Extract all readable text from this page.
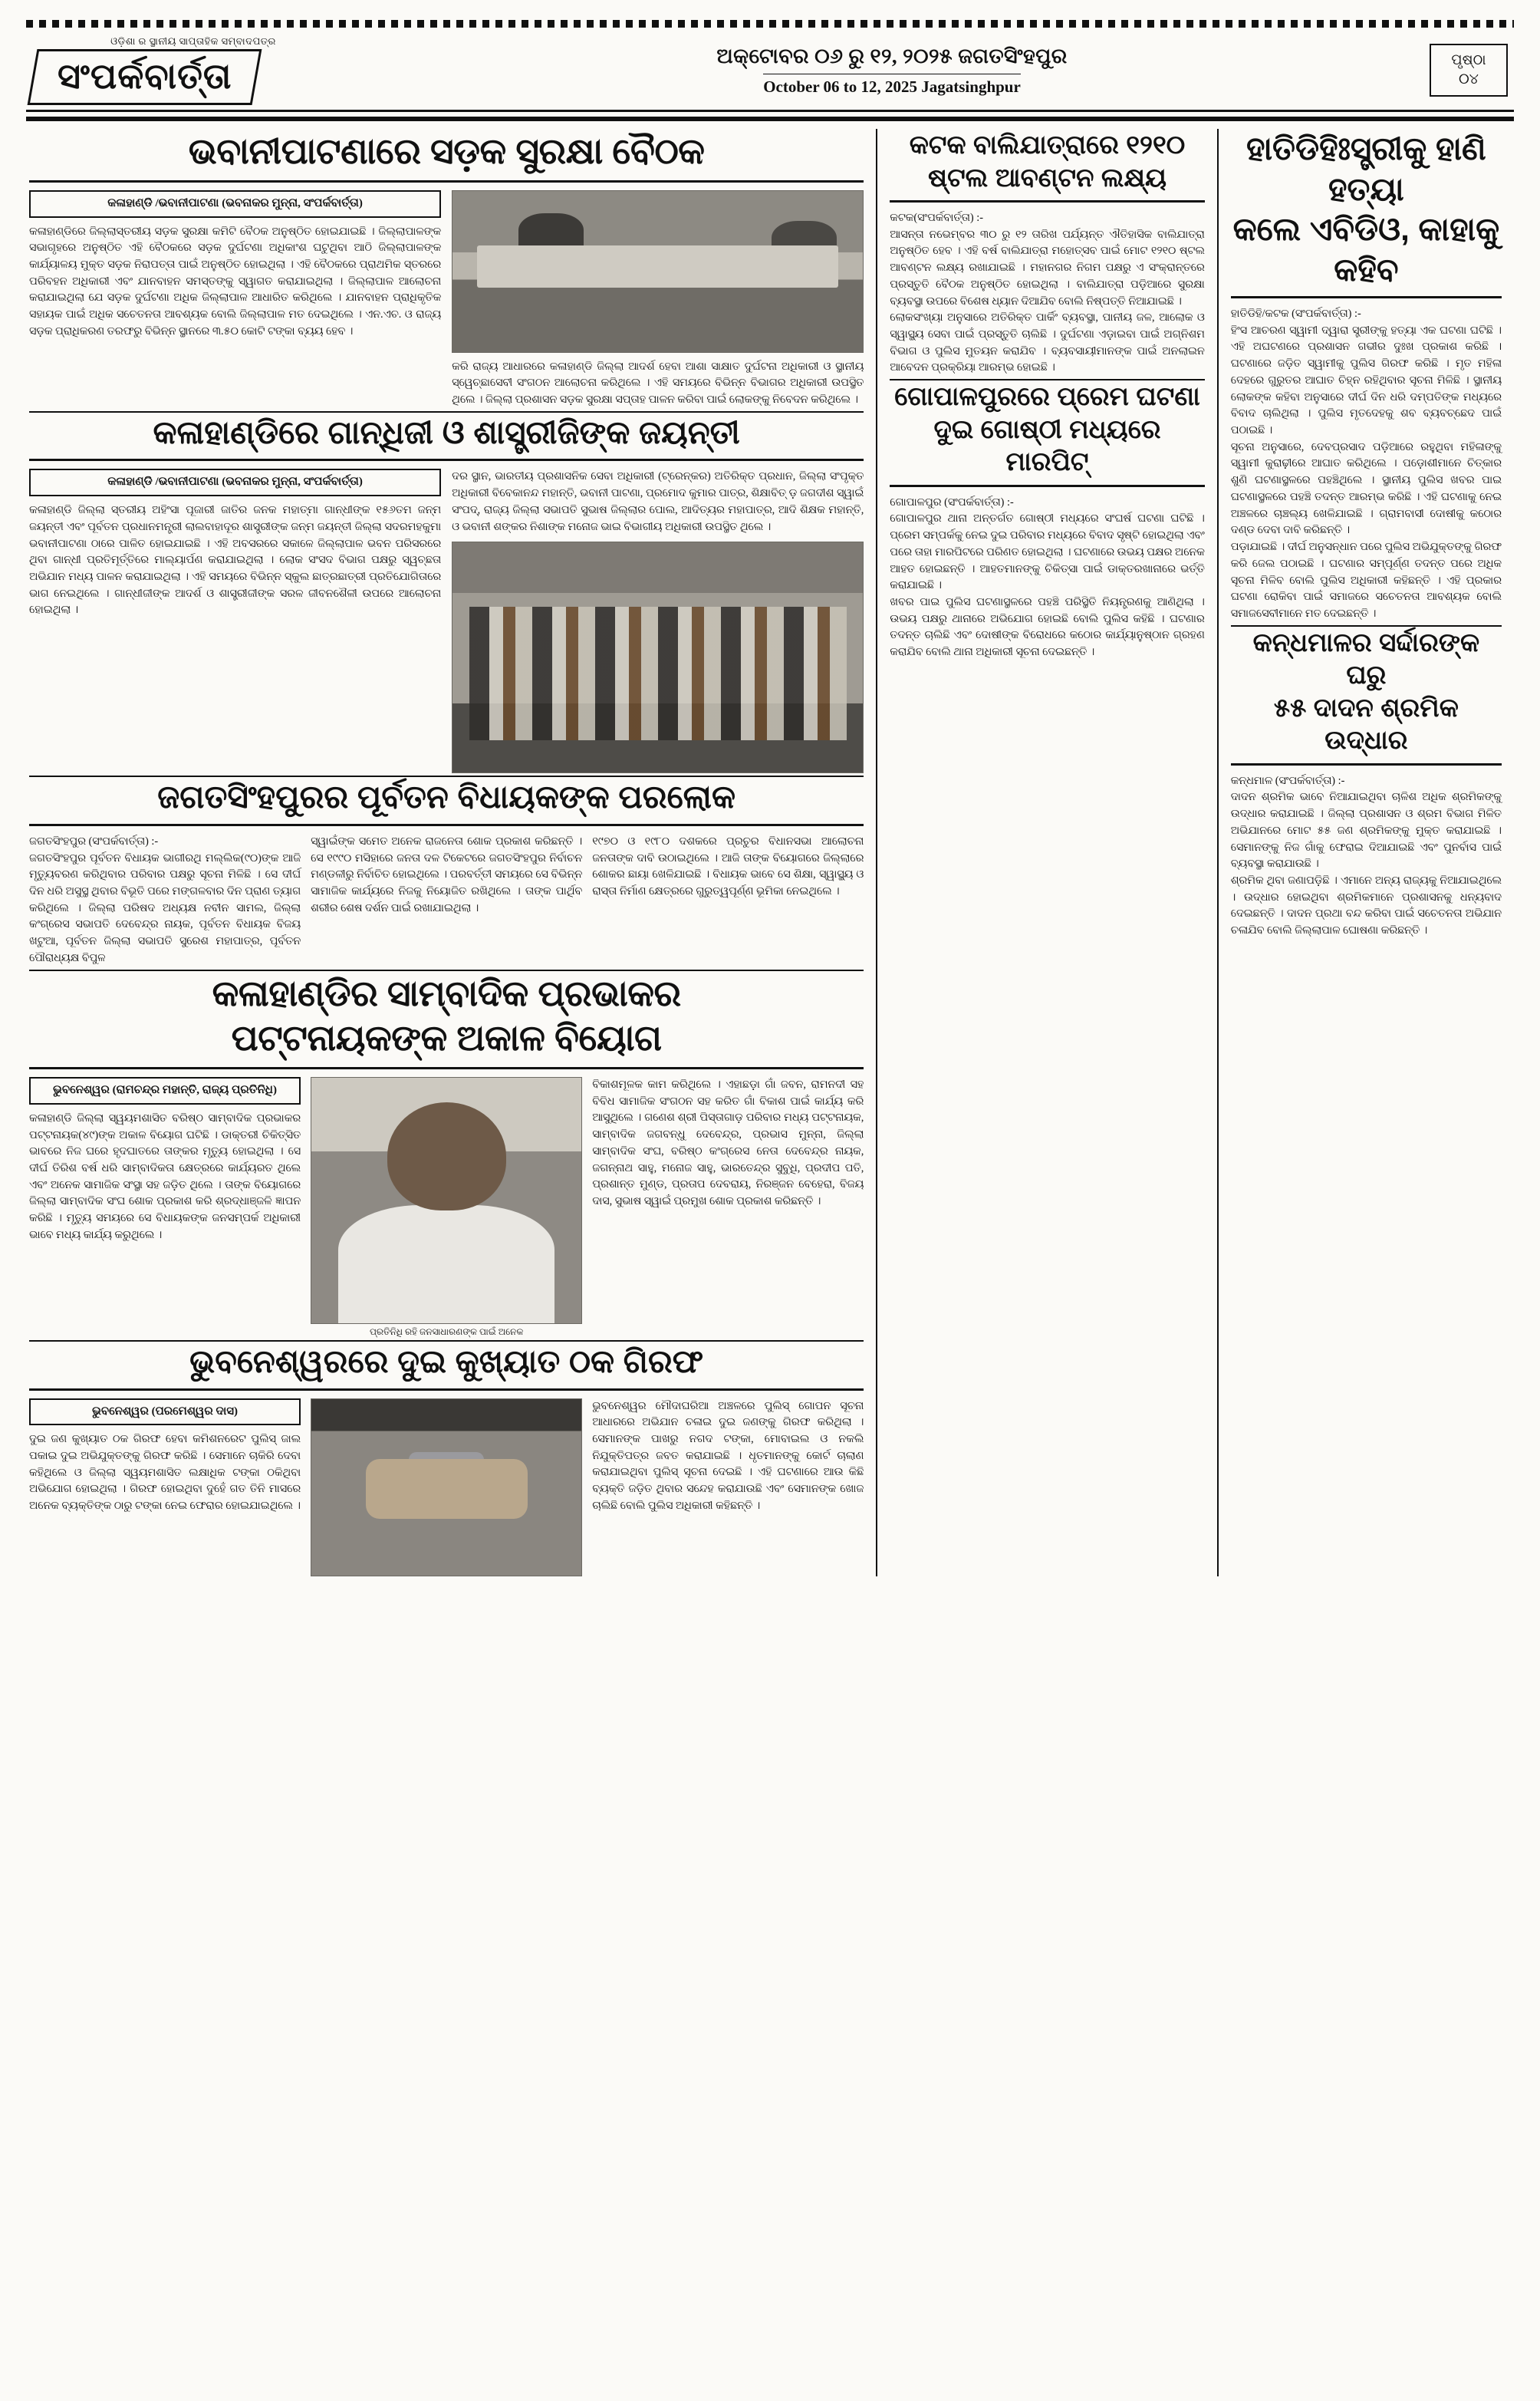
ଓଡ଼ିଶା ର ସ୍ଥାନୀୟ ସାପ୍ତାହିକ ସମ୍ବାଦପତ୍ର
ସଂପର୍କବାର୍ତ୍ତା
ଅକ୍ଟୋବର ୦୬ ରୁ ୧୨, ୨୦୨୫ ଜଗତସିଂହପୁର
October 06 to 12, 2025 Jagatsinghpur
ପୃଷ୍ଠା
୦୪
ଭବାନୀପାଟଣାରେ ସଡ଼କ ସୁରକ୍ଷା ବୈଠକ
କଳାହାଣ୍ଡି /ଭବାନୀପାଟଣା (ଭବନାକର ମୁନ୍ନା, ସଂପର୍କବାର୍ତ୍ତା)
କଳାହାଣ୍ଡିରେ ଜିଲ୍ଲାସ୍ତରୀୟ ସଡ଼କ ସୁରକ୍ଷା କମିଟି ବୈଠକ ଅନୁଷ୍ଠିତ ହୋଇଯାଇଛି । ଜିଲ୍ଲାପାଳଙ୍କ ସଭାଗୃହରେ ଅନୁଷ୍ଠିତ ଏହି ବୈଠକରେ ସଡ଼କ ଦୁର୍ଘଟଣା ଅଧିକାଂଶ ଘଟୁଥିବା ଆଠି ଜିଲ୍ଲାପାଳଙ୍କ କାର୍ଯ୍ୟାଳୟ ମୁକ୍ତ ସଡ଼କ ନିରାପତ୍ତା ପାଇଁ ଅନୁଷ୍ଠିତ ହୋଇଥିଲା । ଏହି ବୈଠକରେ ପ୍ରାଥମିକ ସ୍ତରରେ ପରିବହନ ଅଧିକାରୀ ଏବଂ ଯାନବାହନ ସମସ୍ତଙ୍କୁ ସ୍ୱାଗତ କରାଯାଇଥିଲା । ଜିଲ୍ଲାପାଳ ଆଲୋଚନା କରାଯାଇଥିଲା ଯେ ସଡ଼କ ଦୁର୍ଘଟଣା ଅଧିକ ଜିଲ୍ଲାପାଳ ଆଧାରିତ କରିଥିଲେ । ଯାନବାହନ ପ୍ରାଧିକୃତିକ ସହାୟକ ପାଇଁ ଅଧିକ ସଚେତନତା ଆବଶ୍ୟକ ବୋଲି ଜିଲ୍ଲାପାଳ ମତ ଦେଇଥିଲେ । ଏନ.ଏଚ. ଓ ରାଜ୍ୟ ସଡ଼କ ପ୍ରାଧିକରଣ ତରଫରୁ ବିଭିନ୍ନ ସ୍ଥାନରେ ୩.୫୦ କୋଟି ଟଙ୍କା ବ୍ୟୟ ହେବ ।
କରି ରାଜ୍ୟ ଆଧାରରେ କଳାହାଣ୍ଡି ଜିଲ୍ଲା ଆଦର୍ଶ ହେବା ଆଶା ସାକ୍ଷାତ ଦୁର୍ଘଟନା ଅଧିକାରୀ ଓ ସ୍ଥାନୀୟ ସ୍ୱେଚ୍ଛାସେବୀ ସଂଗଠନ ଆଲୋଚନା କରିଥିଲେ । ଏହି ସମୟରେ ବିଭିନ୍ନ ବିଭାଗର ଅଧିକାରୀ ଉପସ୍ଥିତ ଥିଲେ । ଜିଲ୍ଲା ପ୍ରଶାସନ ସଡ଼କ ସୁରକ୍ଷା ସପ୍ତାହ ପାଳନ କରିବା ପାଇଁ ଲୋକଙ୍କୁ ନିବେଦନ କରିଥିଲେ ।
କଳାହାଣ୍ଡିରେ ଗାନ୍ଧିଜୀ ଓ ଶାସ୍ତ୍ରୀଜିଙ୍କ ଜୟନ୍ତୀ
କଳାହାଣ୍ଡି /ଭବାନୀପାଟଣା (ଭବନାକର ମୁନ୍ନା, ସଂପର୍କବାର୍ତ୍ତା)
କଳାହାଣ୍ଡି ଜିଲ୍ଲା ସ୍ତରୀୟ ଅହିଂସା ପୂଜାରୀ ଜାତିର ଜନକ ମହାତ୍ମା ଗାନ୍ଧୀଙ୍କ ୧୫୬ତମ ଜନ୍ମ ଜୟନ୍ତୀ ଏବଂ ପୂର୍ବତନ ପ୍ରଧାନମନ୍ତ୍ରୀ ଲାଲବାହାଦୂର ଶାସ୍ତ୍ରୀଙ୍କ ଜନ୍ମ ଜୟନ୍ତୀ ଜିଲ୍ଲା ସଦରମହକୁମା ଭବାନୀପାଟଣା ଠାରେ ପାଳିତ ହୋଇଯାଇଛି । ଏହି ଅବସରରେ ସକାଳେ ଜିଲ୍ଲାପାଳ ଭବନ ପରିସରରେ ଥିବା ଗାନ୍ଧୀ ପ୍ରତିମୂର୍ତ୍ତିରେ ମାଲ୍ୟାର୍ପଣ କରାଯାଇଥିଲା । ଲୋକ ସଂସଦ ବିଭାଗ ପକ୍ଷରୁ ସ୍ୱଚ୍ଛତା ଅଭିଯାନ ମଧ୍ୟ ପାଳନ କରାଯାଇଥିଲା । ଏହି ସମୟରେ ବିଭିନ୍ନ ସ୍କୁଲ ଛାତ୍ରଛାତ୍ରୀ ପ୍ରତିଯୋଗିତାରେ ଭାଗ ନେଇଥିଲେ । ଗାନ୍ଧୀଜୀଙ୍କ ଆଦର୍ଶ ଓ ଶାସ୍ତ୍ରୀଜୀଙ୍କ ସରଳ ଜୀବନଶୈଳୀ ଉପରେ ଆଲୋଚନା ହୋଇଥିଲା ।
ଦର ସ୍ଥାନ, ଭାରତୀୟ ପ୍ରଶାସନିକ ସେବା ଅଧିକାରୀ (ଟ୍ରେନ୍‌କର) ଅତିରିକ୍ତ ପ୍ରଧାନ, ଜିଲ୍ଲା ସଂପୃକ୍ତ ଅଧିକାରୀ ବିବେକାନନ୍ଦ ମହାନ୍ତି, ଭବାନୀ ପାଟଣା, ପ୍ରମୋଦ କୁମାର ପାତ୍ର, ଶିକ୍ଷାବିତ୍ ଡ଼ ଜଗଦୀଶ ସ୍ୱାଇଁ ସଂପଦ୍, ରାଜ୍ୟ ଜିଲ୍ଲା ସଭାପତି ସୁଭାଷ ଜିଲ୍ଲାର ପୋଲ, ଆଦିତ୍ୟର ମହାପାତ୍ର, ଆଦି ଶିକ୍ଷକ ମହାନ୍ତି, ଓ ଭବାନୀ ଶଙ୍କର ନିଶାଙ୍କ ମନୋଜ ଭାଇ ବିଭାଗୀୟ ଅଧିକାରୀ ଉପସ୍ଥିତ ଥିଲେ ।
ଜଗତସିଂହପୁରର ପୂର୍ବତନ ବିଧାୟକଙ୍କ ପରଲୋକ
ଜଗତସିଂହପୁର (ସଂପର୍କବାର୍ତ୍ତା) :-
ଜଗତସିଂହପୁର ପୂର୍ବତନ ବିଧାୟକ ଭାଗୀରଥି ମଲ୍ଲିକ(୯୦)ଙ୍କ ଆଜି ମୃତ୍ୟୁବରଣ କରିଥିବାର ପରିବାର ପକ୍ଷରୁ ସୂଚନା ମିଳିଛି । ସେ ଦୀର୍ଘ ଦିନ ଧରି ଅସୁସ୍ଥ ଥିବାର ବିଭୂତି ପରେ ମଙ୍ଗଳବାର ଦିନ ପ୍ରାଣ ତ୍ୟାଗ କରିଥିଲେ । ଜିଲ୍ଲା ପରିଷଦ ଅଧ୍ୟକ୍ଷ ନବୀନ ସାମଲ, ଜିଲ୍ଲା କଂଗ୍ରେସ ସଭାପତି ଦେବେନ୍ଦ୍ର ନାୟକ, ପୂର୍ବତନ ବିଧାୟକ ବିଜୟ ଖଟୁଆ, ପୂର୍ବତନ ଜିଲ୍ଲା ସଭାପତି ସୁରେଶ ମହାପାତ୍ର, ପୂର୍ବତନ ପୌରାଧ୍ୟକ୍ଷ ବିପୁଳ
ସ୍ୱାଇଁଙ୍କ ସମେତ ଅନେକ ରାଜନେତା ଶୋକ ପ୍ରକାଶ କରିଛନ୍ତି । ସେ ୧୯୯୦ ମସିହାରେ ଜନତା ଦଳ ଟିକେଟରେ ଜଗତସିଂହପୁର ନିର୍ବାଚନ ମଣ୍ଡଳୀରୁ ନିର୍ବାଚିତ ହୋଇଥିଲେ । ପରବର୍ତ୍ତୀ ସମୟରେ ସେ ବିଭିନ୍ନ ସାମାଜିକ କାର୍ଯ୍ୟରେ ନିଜକୁ ନିୟୋଜିତ ରଖିଥିଲେ । ତାଙ୍କ ପାର୍ଥିବ ଶରୀର ଶେଷ ଦର୍ଶନ ପାଇଁ ରଖାଯାଇଥିଲା ।
୧୯୭୦ ଓ ୧୯୮୦ ଦଶକରେ ପ୍ରଚୁର ବିଧାନସଭା ଆଲୋଚନା ଜନତାଙ୍କ ଦାବି ଉଠାଇଥିଲେ । ଆଜି ତାଙ୍କ ବିୟୋଗରେ ଜିଲ୍ଲାରେ ଶୋକର ଛାୟା ଖେଳିଯାଇଛି । ବିଧାୟକ ଭାବେ ସେ ଶିକ୍ଷା, ସ୍ୱାସ୍ଥ୍ୟ ଓ ରାସ୍ତା ନିର୍ମାଣ କ୍ଷେତ୍ରରେ ଗୁରୁତ୍ୱପୂର୍ଣ୍ଣ ଭୂମିକା ନେଇଥିଲେ ।
କଳାହାଣ୍ଡିର ସାମ୍ବାଦିକ ପ୍ରଭାକର
ପଟ୍ଟନାୟକଙ୍କ ଅକାଳ ବିୟୋଗ
ଭୁବନେଶ୍ୱର (ରାମଚନ୍ଦ୍ର ମହାନ୍ତି, ରାଜ୍ୟ ପ୍ରତିନିଧି)
କଳାହାଣ୍ଡି ଜିଲ୍ଲା ସ୍ୱୟମଶାସିତ ବରିଷ୍ଠ ସାମ୍ବାଦିକ ପ୍ରଭାକର ପଟ୍ଟନାୟକ(୪୯)ଙ୍କ ଅକାଳ ବିୟୋଗ ଘଟିଛି । ଡାକ୍ତରୀ ଚିକିତ୍ସିତ ଭାବରେ ନିଜ ଘରେ ହୃଦଘାତରେ ତାଙ୍କର ମୃତ୍ୟୁ ହୋଇଥିଲା । ସେ ଦୀର୍ଘ ତିରିଶ ବର୍ଷ ଧରି ସାମ୍ବାଦିକତା କ୍ଷେତ୍ରରେ କାର୍ଯ୍ୟରତ ଥିଲେ ଏବଂ ଅନେକ ସାମାଜିକ ସଂସ୍ଥା ସହ ଜଡ଼ିତ ଥିଲେ । ତାଙ୍କ ବିୟୋଗରେ ଜିଲ୍ଲା ସାମ୍ବାଦିକ ସଂଘ ଶୋକ ପ୍ରକାଶ କରି ଶ୍ରଦ୍ଧାଞ୍ଜଳି ଜ୍ଞାପନ କରିଛି । ମୃତ୍ୟୁ ସମୟରେ ସେ ବିଧାୟକଙ୍କ ଜନସମ୍ପର୍କ ଅଧିକାରୀ ଭାବେ ମଧ୍ୟ କାର୍ଯ୍ୟ କରୁଥିଲେ ।
ପ୍ରତିନିଧି ରହି ଜନସାଧାରଣଙ୍କ ପାଇଁ ଅନେକ
ବିକାଶମୂଳକ କାମ କରିଥିଲେ । ଏହାଛଡ଼ା ଗାଁ ଜବନ, ରାମନଦୀ ସହ ବିବିଧ ସାମାଜିକ ସଂଗଠନ ସହ କରିତ ଗାଁ ବିକାଶ ପାଇଁ କାର୍ଯ୍ୟ କରି ଆସୁଥିଲେ । ଗଣେଶ ଶ୍ରୀ ପିସ୍ତାଗାଡ଼ ପରିବାର ମଧ୍ୟ ପଟ୍ଟନାୟକ, ସାମ୍ବାଦିକ ଜଗବନ୍ଧୁ ଦେବେନ୍ଦ୍ର, ପ୍ରଭାସ ମୁନ୍ନା, ଜିଲ୍ଲା ସାମ୍ବାଦିକ ସଂଘ, ବରିଷ୍ଠ କଂଗ୍ରେସ ନେତା ଦେବେନ୍ଦ୍ର ନାୟକ, ଜଗନ୍ନାଥ ସାହୁ, ମନୋଜ ସାହୁ, ଭାରତେନ୍ଦ୍ର ସୁବୁଧି, ପ୍ରଦୀପ ପତି, ପ୍ରଶାନ୍ତ ମୁଣ୍ଡ, ପ୍ରତାପ ଦେବରାୟ, ନିରଞ୍ଜନ ବେହେରା, ବିଜୟ ଦାସ, ସୁଭାଷ ସ୍ୱାଇଁ ପ୍ରମୁଖ ଶୋକ ପ୍ରକାଶ କରିଛନ୍ତି ।
ଭୁବନେଶ୍ୱରରେ ଦୁଇ କୁଖ୍ୟାତ ଠକ ଗିରଫ
ଭୁବନେଶ୍ୱର (ପରମେଶ୍ୱର ଦାସ)
ଦୁଇ ଜଣ କୁଖ୍ୟାତ ଠକ ଗିରଫ ହେବା କମିଶନରେଟ ପୁଲିସ୍ ଜାଲ ପକାଇ ଦୁଇ ଅଭିଯୁକ୍ତଙ୍କୁ ଗିରଫ କରିଛି । ସେମାନେ ଚାକିରି ଦେବା କହିଥିଲେ ଓ ଜିଲ୍ଲା ସ୍ୱୟମଶାସିତ ଲକ୍ଷାଧିକ ଟଙ୍କା ଠକିଥିବା ଅଭିଯୋଗ ହୋଇଥିଲା । ଗିରଫ ହୋଇଥିବା ଦୁହେଁ ଗତ ତିନି ମାସରେ ଅନେକ ବ୍ୟକ୍ତିଙ୍କ ଠାରୁ ଟଙ୍କା ନେଇ ଫେରାର ହୋଇଯାଇଥିଲେ ।
ଭୁବନେଶ୍ୱର ମୌଦାଘରିଆ ଅଞ୍ଚଳରେ ପୁଲିସ୍ ଗୋପନ ସୂଚନା ଆଧାରରେ ଅଭିଯାନ ଚଳାଇ ଦୁଇ ଜଣଙ୍କୁ ଗିରଫ କରିଥିଲା । ସେମାନଙ୍କ ପାଖରୁ ନଗଦ ଟଙ୍କା, ମୋବାଇଲ ଓ ନକଲି ନିଯୁକ୍ତିପତ୍ର ଜବତ କରାଯାଇଛି । ଧୃତମାନଙ୍କୁ କୋର୍ଟ ଚାଲାଣ କରାଯାଇଥିବା ପୁଲିସ୍ ସୂଚନା ଦେଇଛି । ଏହି ଘଟଣାରେ ଆଉ କିଛି ବ୍ୟକ୍ତି ଜଡ଼ିତ ଥିବାର ସନ୍ଦେହ କରାଯାଉଛି ଏବଂ ସେମାନଙ୍କ ଖୋଜ ଚାଲିଛି ବୋଲି ପୁଲିସ ଅଧିକାରୀ କହିଛନ୍ତି ।
କଟକ ବାଲିଯାତ୍ରାରେ ୧୨୧୦
ଷ୍ଟଲ ଆବଣ୍ଟନ ଲକ୍ଷ୍ୟ
କଟକ(ସଂପର୍କବାର୍ତ୍ତା) :-
ଆସନ୍ତା ନଭେମ୍ବର ୩୦ ରୁ ୧୨ ତାରିଖ ପର୍ଯ୍ୟନ୍ତ ଐତିହାସିକ ବାଲିଯାତ୍ରା ଅନୁଷ୍ଠିତ ହେବ । ଏହି ବର୍ଷ ବାଲିଯାତ୍ରା ମହୋତ୍ସବ ପାଇଁ ମୋଟ ୧୨୧୦ ଷ୍ଟଲ ଆବଣ୍ଟନ ଲକ୍ଷ୍ୟ ରଖାଯାଇଛି । ମହାନଗର ନିଗମ ପକ୍ଷରୁ ଏ ସଂକ୍ରାନ୍ତରେ ପ୍ରସ୍ତୁତି ବୈଠକ ଅନୁଷ୍ଠିତ ହୋଇଥିଲା । ବାଲିଯାତ୍ରା ପଡ଼ିଆରେ ସୁରକ୍ଷା ବ୍ୟବସ୍ଥା ଉପରେ ବିଶେଷ ଧ୍ୟାନ ଦିଆଯିବ ବୋଲି ନିଷ୍ପତ୍ତି ନିଆଯାଇଛି ।
ଲୋକସଂଖ୍ୟା ଅନୁସାରେ ଅତିରିକ୍ତ ପାର୍କିଂ ବ୍ୟବସ୍ଥା, ପାନୀୟ ଜଳ, ଆଲୋକ ଓ ସ୍ୱାସ୍ଥ୍ୟ ସେବା ପାଇଁ ପ୍ରସ୍ତୁତି ଚାଲିଛି । ଦୁର୍ଘଟଣା ଏଡ଼ାଇବା ପାଇଁ ଅଗ୍ନିଶମ ବିଭାଗ ଓ ପୁଲିସ ମୁତୟନ କରାଯିବ । ବ୍ୟବସାୟୀମାନଙ୍କ ପାଇଁ ଅନଲାଇନ ଆବେଦନ ପ୍ରକ୍ରିୟା ଆରମ୍ଭ ହୋଇଛି ।
ଗୋପାଳପୁରରେ ପ୍ରେମ ଘଟଣା
ଦୁଇ ଗୋଷ୍ଠୀ ମଧ୍ୟରେ ମାରପିଟ୍
ଗୋପାଳପୁର (ସଂପର୍କବାର୍ତ୍ତା) :-
ଗୋପାଳପୁର ଥାନା ଅନ୍ତର୍ଗତ ଗୋଷ୍ଠୀ ମଧ୍ୟରେ ସଂଘର୍ଷ ଘଟଣା ଘଟିଛି । ପ୍ରେମ ସମ୍ପର୍କକୁ ନେଇ ଦୁଇ ପରିବାର ମଧ୍ୟରେ ବିବାଦ ସୃଷ୍ଟି ହୋଇଥିଲା ଏବଂ ପରେ ତାହା ମାରପିଟରେ ପରିଣତ ହୋଇଥିଲା । ଘଟଣାରେ ଉଭୟ ପକ୍ଷର ଅନେକ ଆହତ ହୋଇଛନ୍ତି । ଆହତମାନଙ୍କୁ ଚିକିତ୍ସା ପାଇଁ ଡାକ୍ତରଖାନାରେ ଭର୍ତ୍ତି କରାଯାଇଛି ।
ଖବର ପାଇ ପୁଲିସ ଘଟଣାସ୍ଥଳରେ ପହଞ୍ଚି ପରିସ୍ଥିତି ନିୟନ୍ତ୍ରଣକୁ ଆଣିଥିଲା । ଉଭୟ ପକ୍ଷରୁ ଥାନାରେ ଅଭିଯୋଗ ହୋଇଛି ବୋଲି ପୁଲିସ କହିଛି । ଘଟଣାର ତଦନ୍ତ ଚାଲିଛି ଏବଂ ଦୋଷୀଙ୍କ ବିରୋଧରେ କଠୋର କାର୍ଯ୍ୟାନୁଷ୍ଠାନ ଗ୍ରହଣ କରାଯିବ ବୋଲି ଥାନା ଅଧିକାରୀ ସୂଚନା ଦେଇଛନ୍ତି ।
ହାତିଡିହିଃସ୍ତ୍ରୀକୁ ହାଣି ହତ୍ୟା
କଲେ ଏବିଡିଓ, କାହାକୁ କହିବ
ହାତିଡିହି/କଟକ (ସଂପର୍କବାର୍ତ୍ତା) :-
ହିଂସ ଆଚରଣ ସ୍ୱାମୀ ଦ୍ୱାରା ସ୍ତ୍ରୀଙ୍କୁ ହତ୍ୟା ଏକ ଘଟଣା ଘଟିଛି । ଏହି ଅଘଟଣରେ ପ୍ରଶାସନ ଗଭୀର ଦୁଃଖ ପ୍ରକାଶ କରିଛି । ଘଟଣାରେ ଜଡ଼ିତ ସ୍ୱାମୀକୁ ପୁଲିସ ଗିରଫ କରିଛି । ମୃତ ମହିଳା ଦେହରେ ଗୁରୁତର ଆଘାତ ଚିହ୍ନ ରହିଥିବାର ସୂଚନା ମିଳିଛି । ସ୍ଥାନୀୟ ଲୋକଙ୍କ କହିବା ଅନୁସାରେ ଦୀର୍ଘ ଦିନ ଧରି ଦମ୍ପତିଙ୍କ ମଧ୍ୟରେ ବିବାଦ ଚାଲିଥିଲା । ପୁଲିସ ମୃତଦେହକୁ ଶବ ବ୍ୟବଚ୍ଛେଦ ପାଇଁ ପଠାଇଛି ।
ସୂଚନା ଅନୁସାରେ, ଦେବପ୍ରସାଦ ପଡ଼ିଆରେ ରହୁଥିବା ମହିଳାଙ୍କୁ ସ୍ୱାମୀ କୁରାଢ଼ୀରେ ଆଘାତ କରିଥିଲେ । ପଡ଼ୋଶୀମାନେ ଚିତ୍କାର ଶୁଣି ଘଟଣାସ୍ଥଳରେ ପହଞ୍ଚିଥିଲେ । ସ୍ଥାନୀୟ ପୁଲିସ ଖବର ପାଇ ଘଟଣାସ୍ଥଳରେ ପହଞ୍ଚି ତଦନ୍ତ ଆରମ୍ଭ କରିଛି । ଏହି ଘଟଣାକୁ ନେଇ ଅଞ୍ଚଳରେ ଚାଞ୍ଚଲ୍ୟ ଖେଳିଯାଇଛି । ଗ୍ରାମବାସୀ ଦୋଷୀକୁ କଠୋର ଦଣ୍ଡ ଦେବା ଦାବି କରିଛନ୍ତି ।
ପଡ଼ାଯାଇଛି । ଦୀର୍ଘ ଅନୁସନ୍ଧାନ ପରେ ପୁଲିସ ଅଭିଯୁକ୍ତଙ୍କୁ ଗିରଫ କରି ଜେଲ ପଠାଇଛି । ଘଟଣାର ସମ୍ପୂର୍ଣ୍ଣ ତଦନ୍ତ ପରେ ଅଧିକ ସୂଚନା ମିଳିବ ବୋଲି ପୁଲିସ ଅଧିକାରୀ କହିଛନ୍ତି । ଏହି ପ୍ରକାର ଘଟଣା ରୋକିବା ପାଇଁ ସମାଜରେ ସଚେତନତା ଆବଶ୍ୟକ ବୋଲି ସମାଜସେବୀମାନେ ମତ ଦେଇଛନ୍ତି ।
କନ୍ଧମାଳର ସର୍ଦ୍ଦାରଙ୍କ ଘରୁ
୫୫ ଦାଦନ ଶ୍ରମିକ ଉଦ୍ଧାର
କନ୍ଧମାଳ (ସଂପର୍କବାର୍ତ୍ତା) :-
ଦାଦନ ଶ୍ରମିକ ଭାବେ ନିଆଯାଇଥିବା ଚାଳିଶ ଅଧିକ ଶ୍ରମିକଙ୍କୁ ଉଦ୍ଧାର କରାଯାଇଛି । ଜିଲ୍ଲା ପ୍ରଶାସନ ଓ ଶ୍ରମ ବିଭାଗ ମିଳିତ ଅଭିଯାନରେ ମୋଟ ୫୫ ଜଣ ଶ୍ରମିକଙ୍କୁ ମୁକ୍ତ କରାଯାଇଛି । ସେମାନଙ୍କୁ ନିଜ ଗାଁକୁ ଫେରାଇ ଦିଆଯାଇଛି ଏବଂ ପୁନର୍ବାସ ପାଇଁ ବ୍ୟବସ୍ଥା କରାଯାଉଛି ।
ଶ୍ରମିକ ଥିବା ଜଣାପଡ଼ିଛି । ଏମାନେ ଅନ୍ୟ ରାଜ୍ୟକୁ ନିଆଯାଇଥିଲେ । ଉଦ୍ଧାର ହୋଇଥିବା ଶ୍ରମିକମାନେ ପ୍ରଶାସନକୁ ଧନ୍ୟବାଦ ଦେଇଛନ୍ତି । ଦାଦନ ପ୍ରଥା ବନ୍ଦ କରିବା ପାଇଁ ସଚେତନତା ଅଭିଯାନ ଚଳାଯିବ ବୋଲି ଜିଲ୍ଲାପାଳ ଘୋଷଣା କରିଛନ୍ତି ।
